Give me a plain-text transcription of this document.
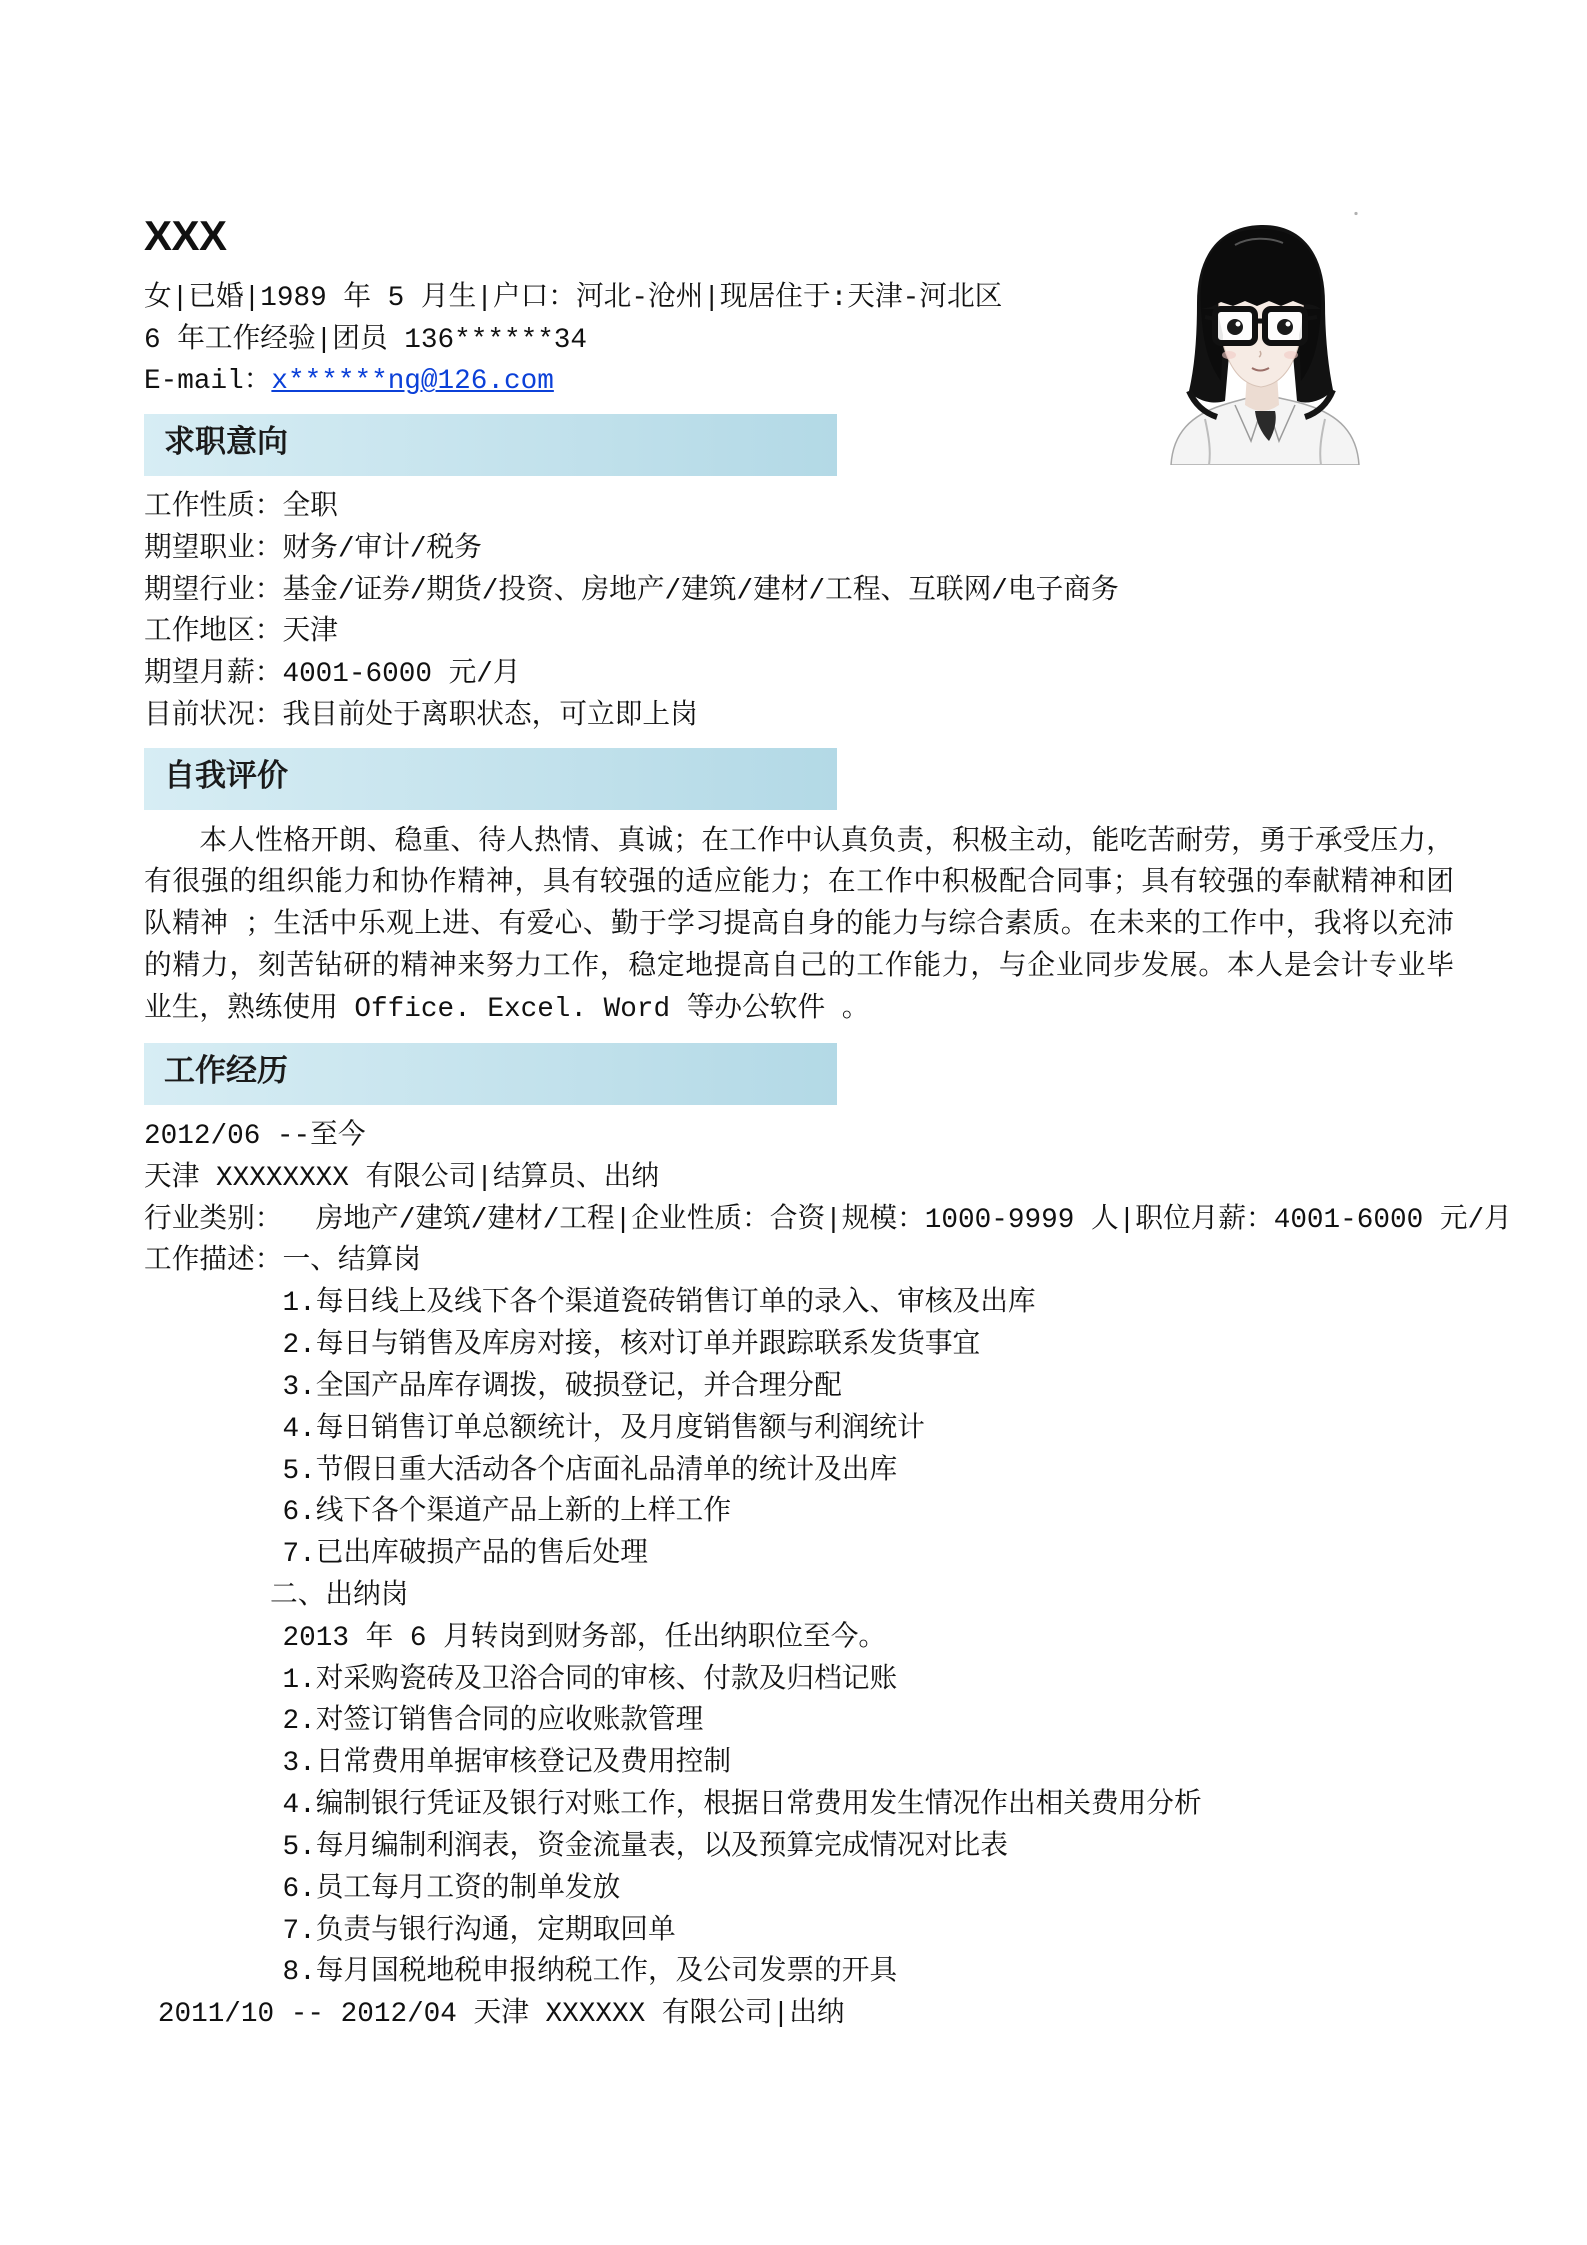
XXX
女|已婚|1989 年 5 月生|户口：河北-沧州|现居住于:天津-河北区
6 年工作经验|团员 136******34
E-mail：x******ng@126.com
求职意向
工作性质：全职
期望职业：财务/审计/税务
期望行业：基金/证券/期货/投资、房地产/建筑/建材/工程、互联网/电子商务
工作地区：天津
期望月薪：4001-6000 元/月
目前状况：我目前处于离职状态，可立即上岗
自我评价
本人性格开朗、稳重、待人热情、真诚；在工作中认真负责，积极主动，能吃苦耐劳，勇于承受压力，
有很强的组织能力和协作精神，具有较强的适应能力；在工作中积极配合同事；具有较强的奉献精神和团
队精神 ；生活中乐观上进、有爱心、勤于学习提高自身的能力与综合素质。在未来的工作中，我将以充沛
的精力，刻苦钻研的精神来努力工作，稳定地提高自己的工作能力，与企业同步发展。本人是会计专业毕
业生，熟练使用 Office. Excel. Word 等办公软件 。
工作经历
2012/06 --至今
天津 XXXXXXXX 有限公司|结算员、出纳
行业类别：  房地产/建筑/建材/工程|企业性质：合资|规模：1000-9999 人|职位月薪：4001-6000 元/月
工作描述：一、结算岗
1.每日线上及线下各个渠道瓷砖销售订单的录入、审核及出库
2.每日与销售及库房对接，核对订单并跟踪联系发货事宜
3.全国产品库存调拨，破损登记，并合理分配
4.每日销售订单总额统计，及月度销售额与利润统计
5.节假日重大活动各个店面礼品清单的统计及出库
6.线下各个渠道产品上新的上样工作
7.已出库破损产品的售后处理
二、出纳岗
2013 年 6 月转岗到财务部，任出纳职位至今。
1.对采购瓷砖及卫浴合同的审核、付款及归档记账
2.对签订销售合同的应收账款管理
3.日常费用单据审核登记及费用控制
4.编制银行凭证及银行对账工作，根据日常费用发生情况作出相关费用分析
5.每月编制利润表，资金流量表，以及预算完成情况对比表
6.员工每月工资的制单发放
7.负责与银行沟通，定期取回单
8.每月国税地税申报纳税工作，及公司发票的开具
2011/10 -- 2012/04 天津 XXXXXX 有限公司|出纳
